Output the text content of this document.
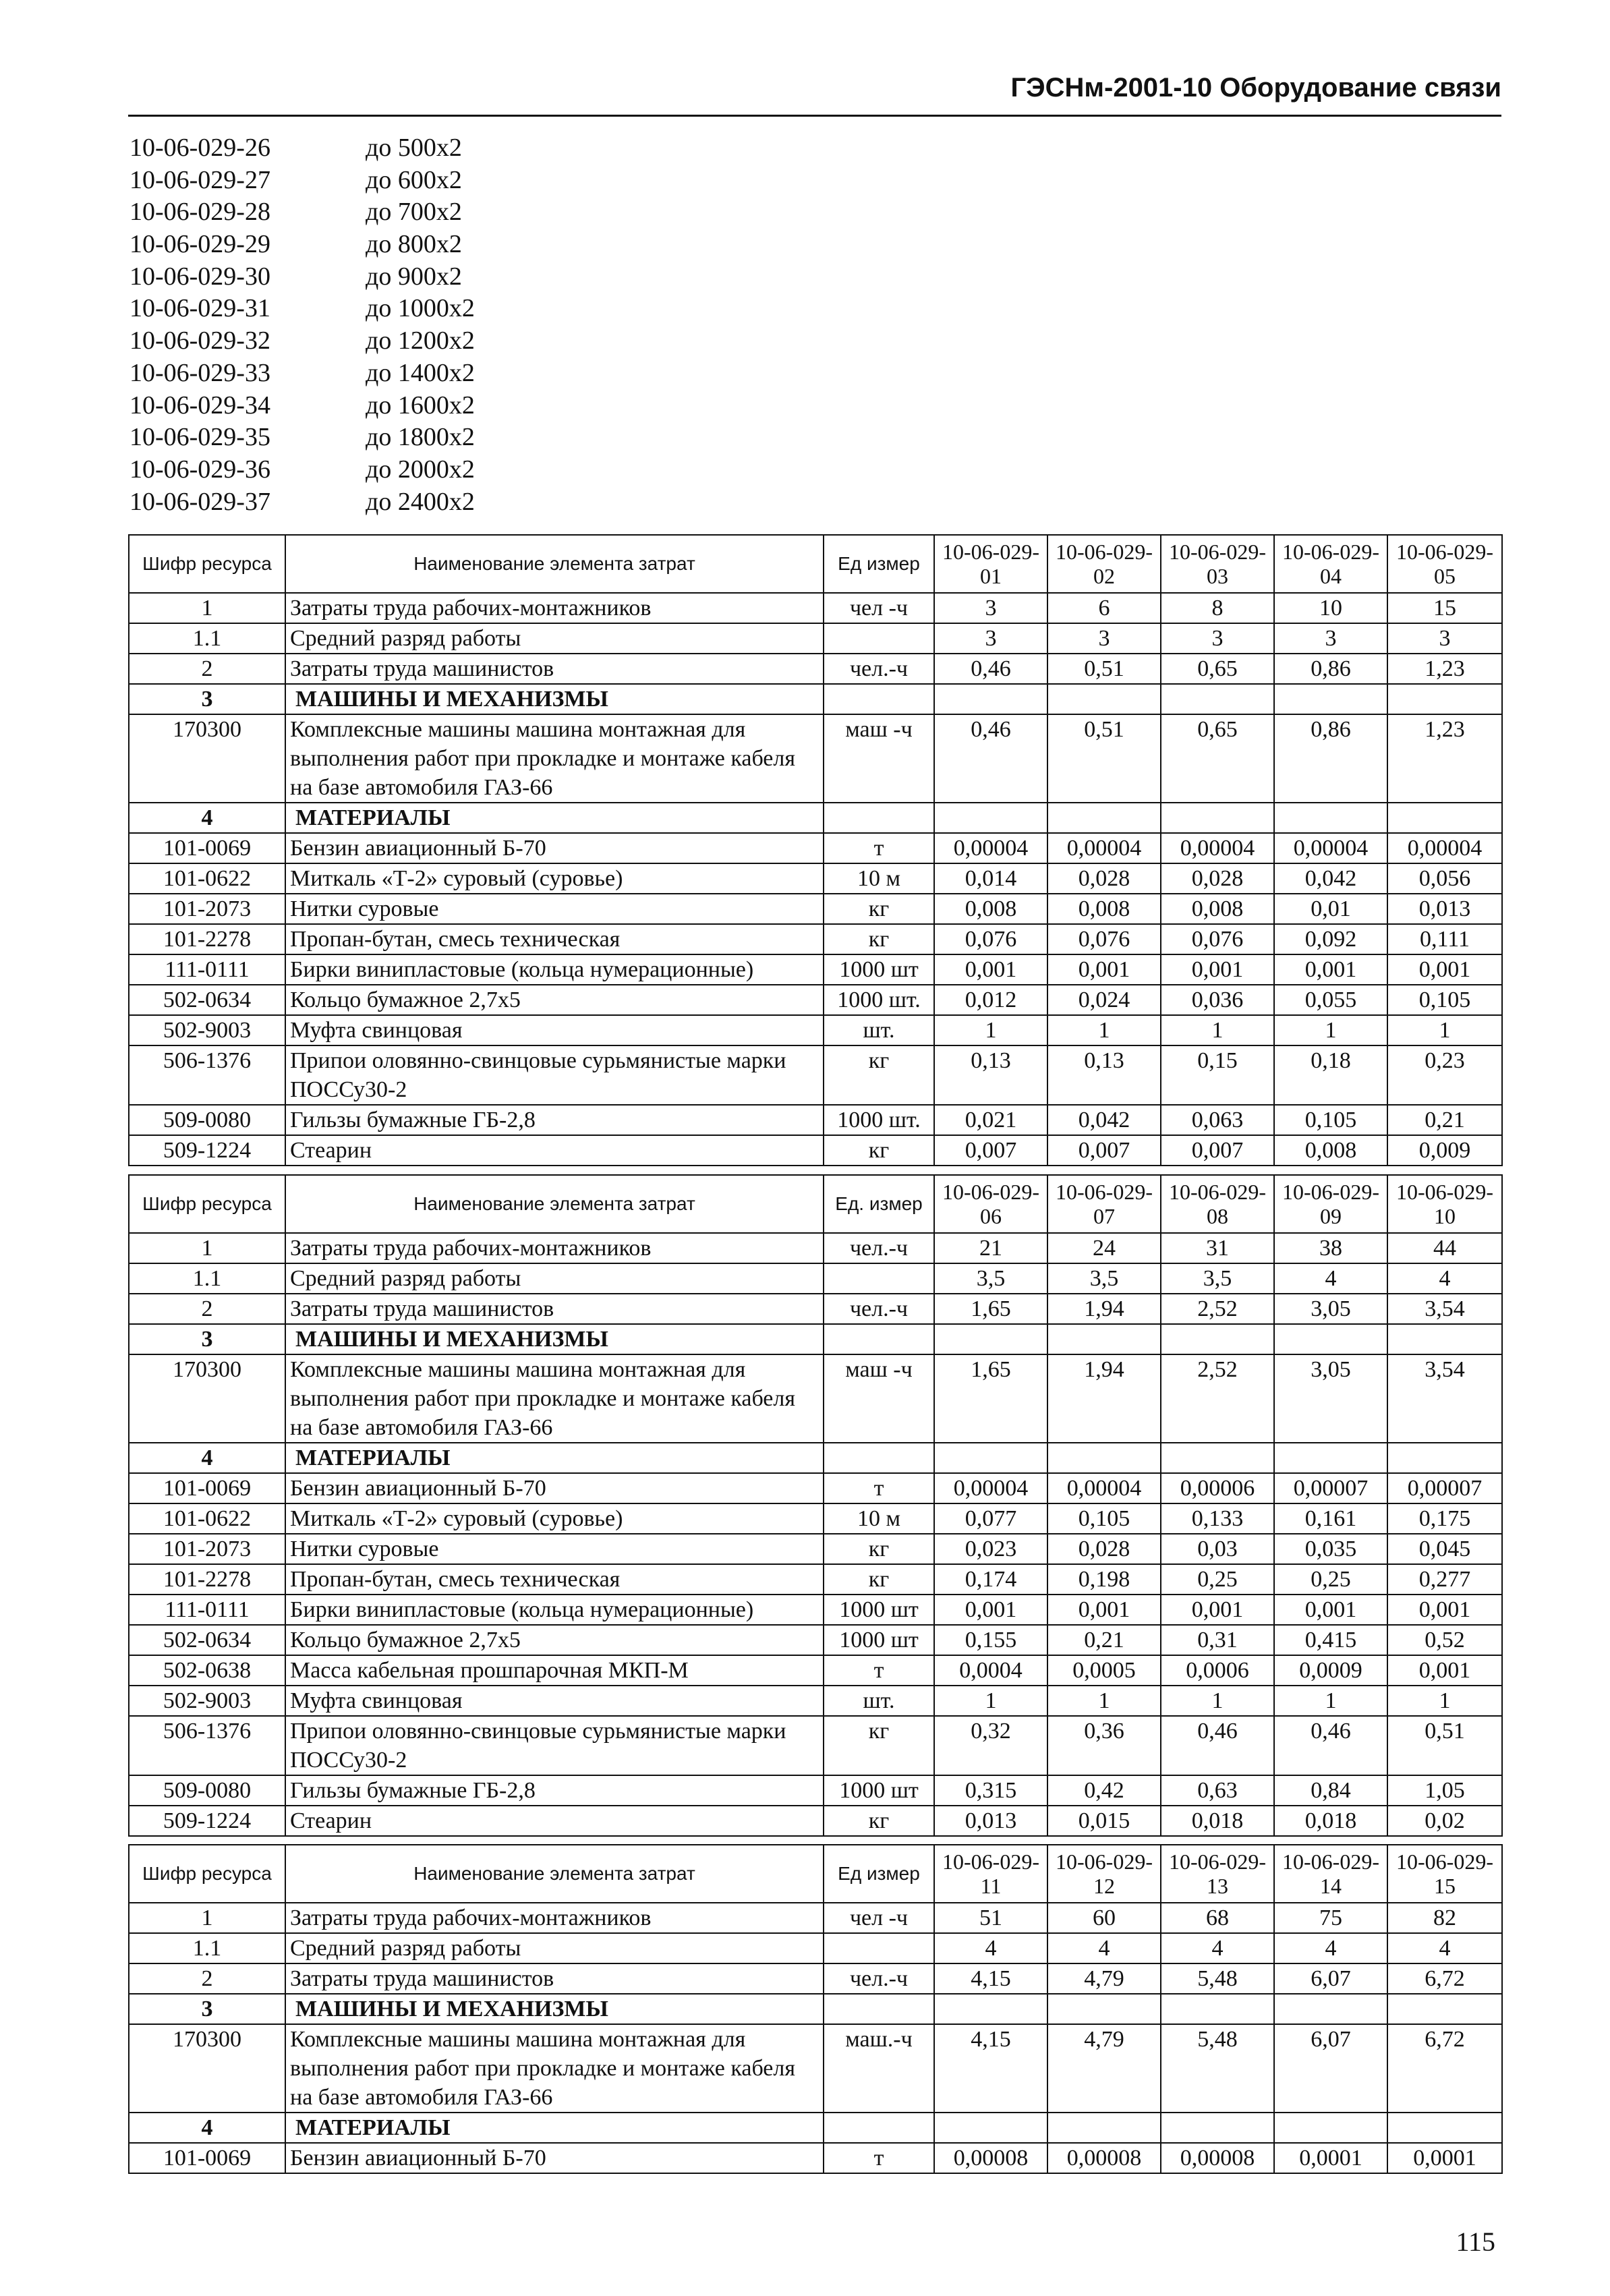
ГЭСНм-2001-10 Оборудование связи
10-06-029-26	до 500х2
10-06-029-27	до 600х2
10-06-029-28	до 700х2
10-06-029-29	до 800х2
10-06-029-30	до 900х2
10-06-029-31	до 1000х2
10-06-029-32	до 1200х2
10-06-029-33	до 1400х2
10-06-029-34	до 1600х2
10-06-029-35	до 1800х2
10-06-029-36	до 2000х2
10-06-029-37	до 2400х2
Шифр ресурса	Наименование элемента затрат	Ед измер	10-06-029-01	10-06-029-02	10-06-029-03	10-06-029-04	10-06-029-05
1	Затраты труда рабочих-монтажников	чел -ч	3	6	8	10	15
1.1	Средний разряд работы		3	3	3	3	3
2	Затраты труда машинистов	чел.-ч	0,46	0,51	0,65	0,86	1,23
3	МАШИНЫ И МЕХАНИЗМЫ						
170300	Комплексные машины машина монтажная для выполнения работ при прокладке и монтаже кабеля на базе автомобиля ГАЗ-66	маш -ч	0,46	0,51	0,65	0,86	1,23
4	МАТЕРИАЛЫ						
101-0069	Бензин авиационный Б-70	т	0,00004	0,00004	0,00004	0,00004	0,00004
101-0622	Миткаль «Т-2» суровый (суровье)	10 м	0,014	0,028	0,028	0,042	0,056
101-2073	Нитки суровые	кг	0,008	0,008	0,008	0,01	0,013
101-2278	Пропан-бутан, смесь техническая	кг	0,076	0,076	0,076	0,092	0,111
111-0111	Бирки винипластовые (кольца нумерационные)	1000 шт	0,001	0,001	0,001	0,001	0,001
502-0634	Кольцо бумажное 2,7х5	1000 шт.	0,012	0,024	0,036	0,055	0,105
502-9003	Муфта свинцовая	шт.	1	1	1	1	1
506-1376	Припои оловянно-свинцовые сурьмянистые марки ПОССу30-2	кг	0,13	0,13	0,15	0,18	0,23
509-0080	Гильзы бумажные ГБ-2,8	1000 шт.	0,021	0,042	0,063	0,105	0,21
509-1224	Стеарин	кг	0,007	0,007	0,007	0,008	0,009
Шифр ресурса	Наименование элемента затрат	Ед. измер	10-06-029-06	10-06-029-07	10-06-029-08	10-06-029-09	10-06-029-10
1	Затраты труда рабочих-монтажников	чел.-ч	21	24	31	38	44
1.1	Средний разряд работы		3,5	3,5	3,5	4	4
2	Затраты труда машинистов	чел.-ч	1,65	1,94	2,52	3,05	3,54
3	МАШИНЫ И МЕХАНИЗМЫ						
170300	Комплексные машины машина монтажная для выполнения работ при прокладке и монтаже кабеля на базе автомобиля ГАЗ-66	маш -ч	1,65	1,94	2,52	3,05	3,54
4	МАТЕРИАЛЫ						
101-0069	Бензин авиационный Б-70	т	0,00004	0,00004	0,00006	0,00007	0,00007
101-0622	Миткаль «Т-2» суровый (суровье)	10 м	0,077	0,105	0,133	0,161	0,175
101-2073	Нитки суровые	кг	0,023	0,028	0,03	0,035	0,045
101-2278	Пропан-бутан, смесь техническая	кг	0,174	0,198	0,25	0,25	0,277
111-0111	Бирки винипластовые (кольца нумерационные)	1000 шт	0,001	0,001	0,001	0,001	0,001
502-0634	Кольцо бумажное 2,7х5	1000 шт	0,155	0,21	0,31	0,415	0,52
502-0638	Масса кабельная прошпарочная МКП-М	т	0,0004	0,0005	0,0006	0,0009	0,001
502-9003	Муфта свинцовая	шт.	1	1	1	1	1
506-1376	Припои оловянно-свинцовые сурьмянистые марки ПОССу30-2	кг	0,32	0,36	0,46	0,46	0,51
509-0080	Гильзы бумажные ГБ-2,8	1000 шт	0,315	0,42	0,63	0,84	1,05
509-1224	Стеарин	кг	0,013	0,015	0,018	0,018	0,02
Шифр ресурса	Наименование элемента затрат	Ед измер	10-06-029-11	10-06-029-12	10-06-029-13	10-06-029-14	10-06-029-15
1	Затраты труда рабочих-монтажников	чел -ч	51	60	68	75	82
1.1	Средний разряд работы		4	4	4	4	4
2	Затраты труда машинистов	чел.-ч	4,15	4,79	5,48	6,07	6,72
3	МАШИНЫ И МЕХАНИЗМЫ						
170300	Комплексные машины машина монтажная для выполнения работ при прокладке и монтаже кабеля на базе автомобиля ГАЗ-66	маш.-ч	4,15	4,79	5,48	6,07	6,72
4	МАТЕРИАЛЫ						
101-0069	Бензин авиационный Б-70	т	0,00008	0,00008	0,00008	0,0001	0,0001
115
